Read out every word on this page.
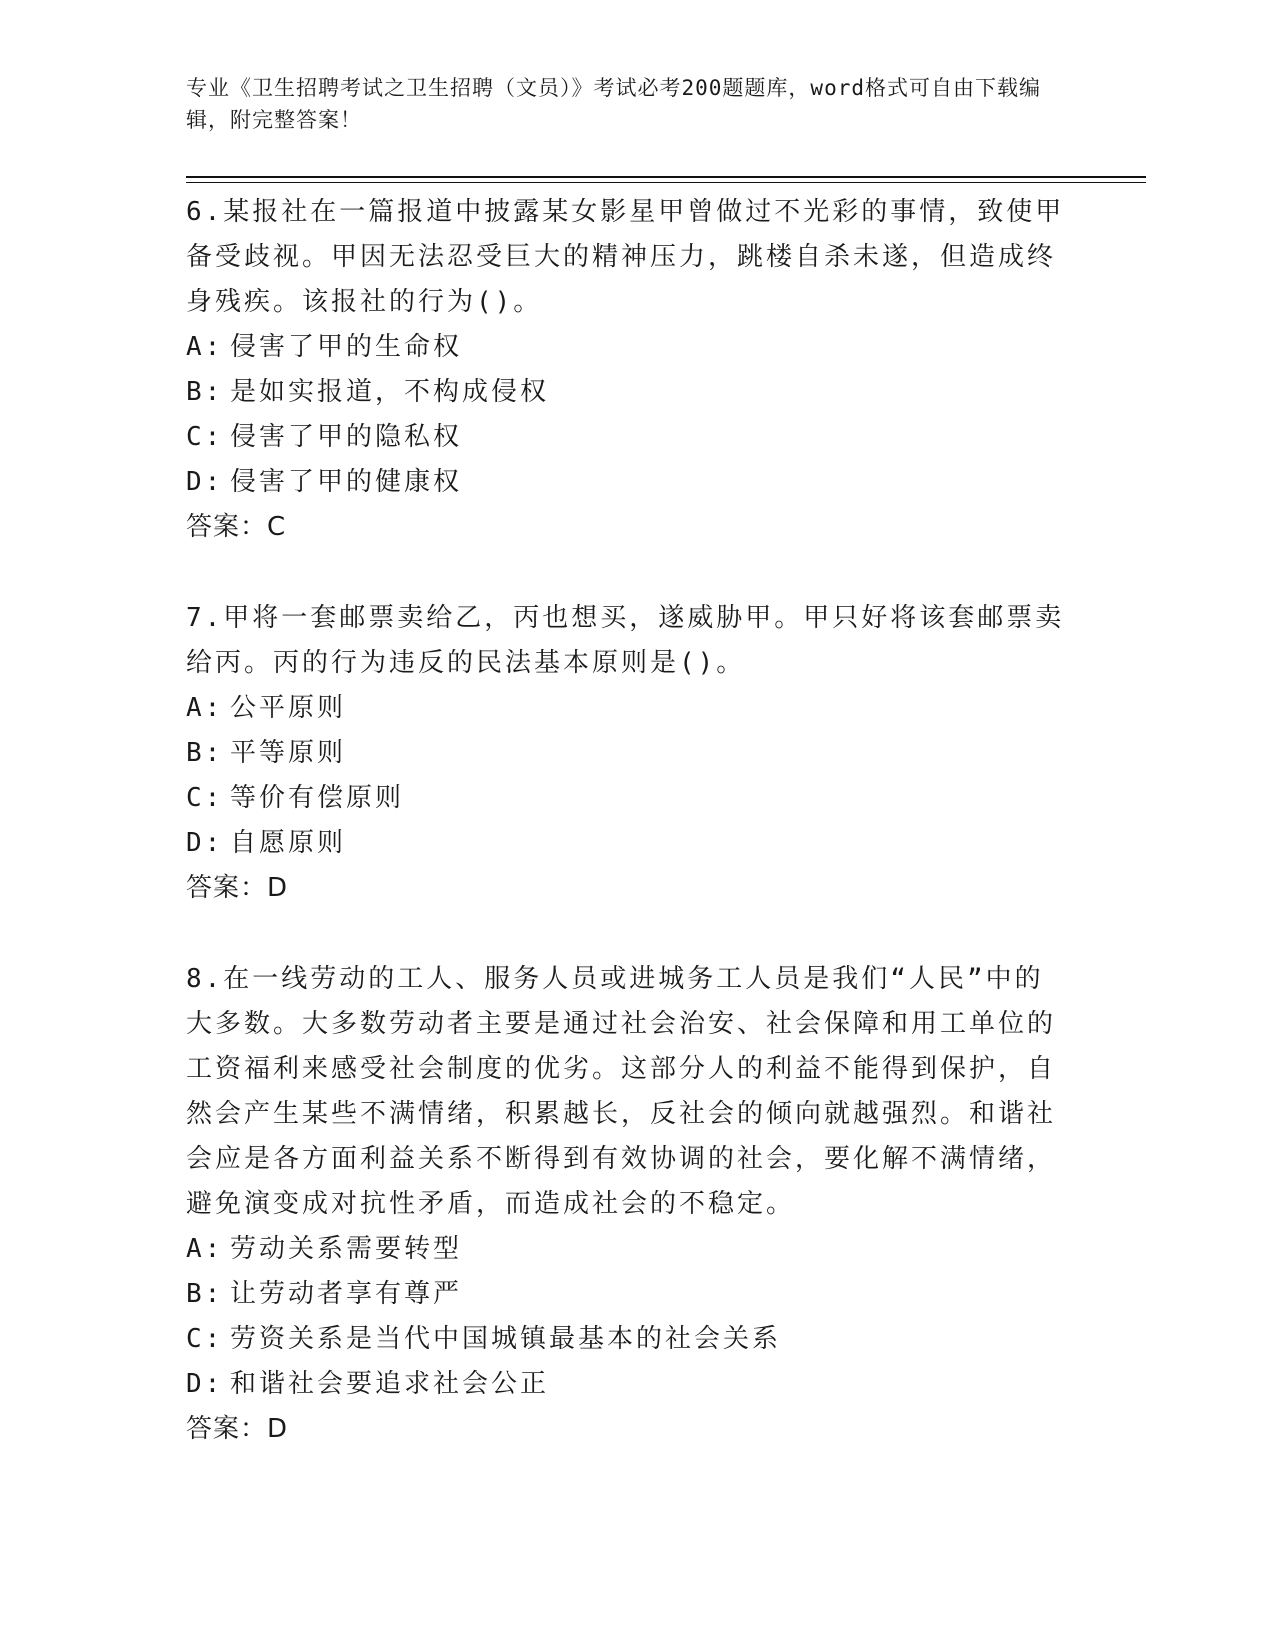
专业《卫生招聘考试之卫生招聘（文员）》考试必考200题题库，word格式可自由下载编辑，附完整答案！

6.某报社在一篇报道中披露某女影星甲曾做过不光彩的事情，致使甲备受歧视。甲因无法忍受巨大的精神压力，跳楼自杀未遂，但造成终身残疾。该报社的行为()。

A: 侵害了甲的生命权

B: 是如实报道，不构成侵权

C: 侵害了甲的隐私权

D: 侵害了甲的健康权

答案：C

7.甲将一套邮票卖给乙，丙也想买，遂威胁甲。甲只好将该套邮票卖给丙。丙的行为违反的民法基本原则是()。

A: 公平原则

B: 平等原则

C: 等价有偿原则

D: 自愿原则

答案：D

8.在一线劳动的工人、服务人员或进城务工人员是我们“人民”中的大多数。大多数劳动者主要是通过社会治安、社会保障和用工单位的工资福利来感受社会制度的优劣。这部分人的利益不能得到保护，自然会产生某些不满情绪，积累越长，反社会的倾向就越强烈。和谐社会应是各方面利益关系不断得到有效协调的社会，要化解不满情绪，避免演变成对抗性矛盾，而造成社会的不稳定。

A: 劳动关系需要转型

B: 让劳动者享有尊严

C: 劳资关系是当代中国城镇最基本的社会关系

D: 和谐社会要追求社会公正

答案：D
